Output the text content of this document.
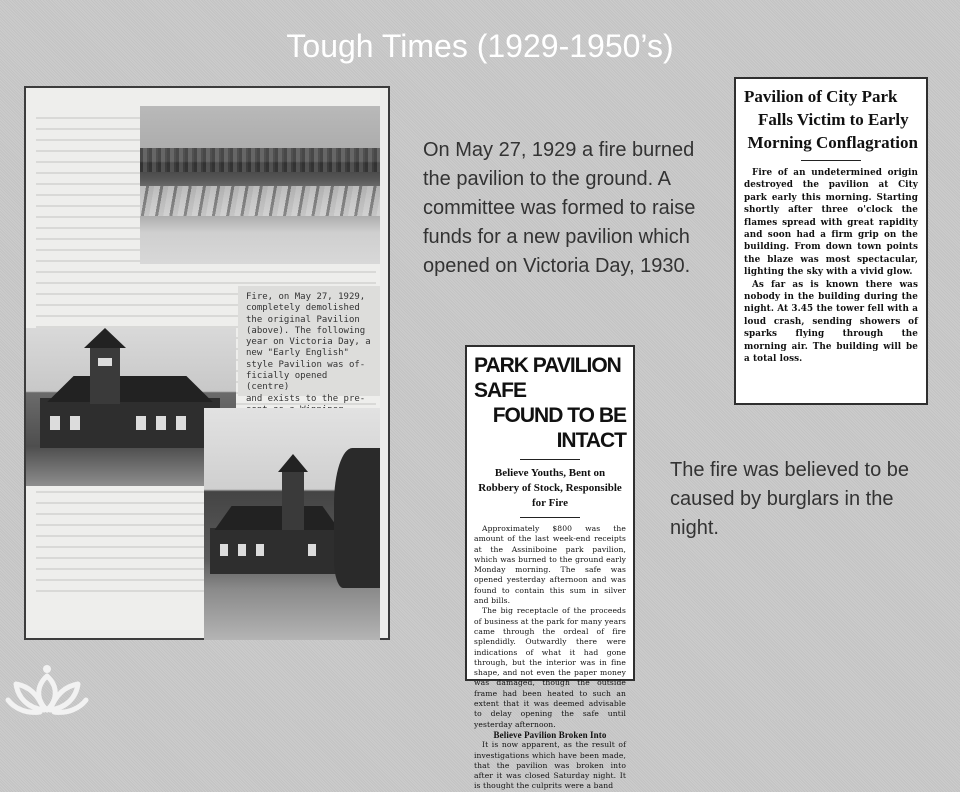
Tough Times (1929-1950’s)
Fire, on May 27, 1929,
completely demolished
the original Pavilion
(above). The following
year on Victoria Day, a
new "Early English"
style Pavilion was of-
ficially opened (centre)
and exists to the pre-

On May 27, 1929 a fire burned the pavilion to the ground. A committee was formed to raise funds for a new pavilion which opened on Victoria Day, 1930.
The fire was believed to be caused by burglars in the night.
Pavilion of City Park
Falls Victim to Early
Morning Conflagration

Fire of an undetermined origin destroyed the pavilion at City park early this morning. Starting shortly after three o'clock the flames spread with great rapidity and soon had a firm grip on the building. From down town points the blaze was most spectacular, lighting the sky with a vivid glow.

As far as is known there was nobody in the building during the night. At 3.45 the tower fell with a loud crash, sending showers of sparks flying through the morning air. The building will be a total loss.

PARK PAVILION SAFE
FOUND TO BE INTACT
Believe Youths, Bent on Robbery of Stock, Responsible for Fire

Approximately $800 was the amount of the last week-end receipts at the Assiniboine park pavilion, which was burned to the ground early Monday morning. The safe was opened yesterday afternoon and was found to contain this sum in silver and bills.

The big receptacle of the proceeds of business at the park for many years came through the ordeal of fire splendidly. Outwardly there were indications of what it had gone through, but the interior was in fine shape, and not even the paper money was damaged, though the outside frame had been heated to such an extent that it was deemed advisable to delay opening the safe until yesterday afternoon.

Believe Pavilion Broken Into

It is now apparent, as the result of investigations which have been made, that the pavilion was broken into after it was closed Saturday night. It is thought the culprits were a band
